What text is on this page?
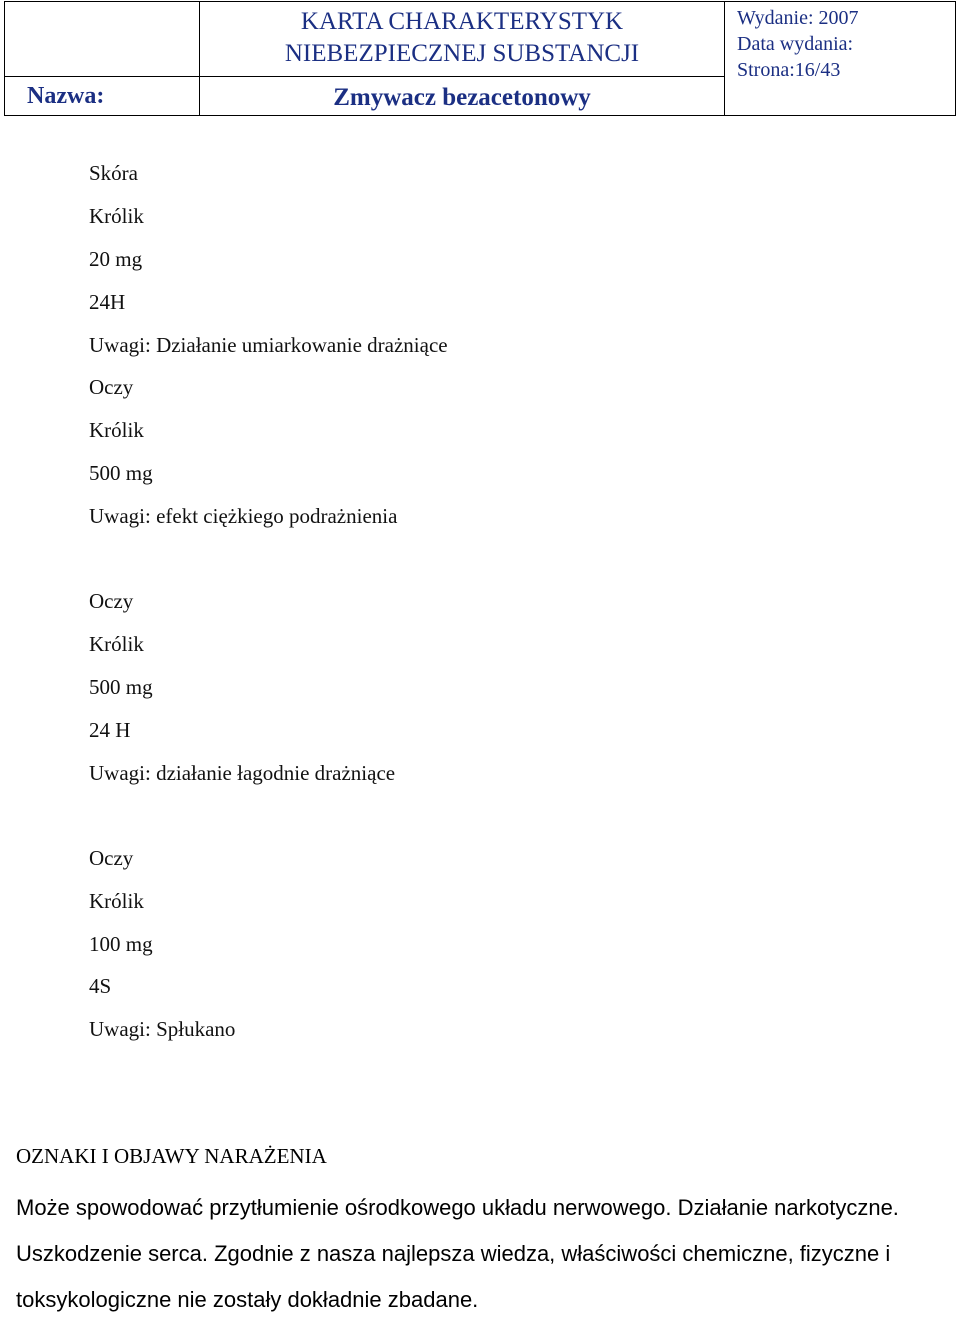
KARTA CHARAKTERYSTYK
NIEBEZPIECZNEJ SUBSTANCJI
Nazwa:	Zmywacz bezacetonowy
Wydanie: 2007
Data wydania:
Strona:16/43
Skóra
Królik
20 mg
24H
Uwagi: Działanie umiarkowanie drażniące
Oczy
Królik
500 mg
Uwagi: efekt ciężkiego podrażnienia
Oczy
Królik
500 mg
24 H
Uwagi: działanie łagodnie drażniące
Oczy
Królik
100 mg
4S
Uwagi: Spłukano
OZNAKI I OBJAWY NARAŻENIA

Może spowodować przytłumienie ośrodkowego układu nerwowego. Działanie narkotyczne. Uszkodzenie serca. Zgodnie z nasza najlepsza wiedza, właściwości chemiczne, fizyczne i toksykologiczne nie zostały dokładnie zbadane.
